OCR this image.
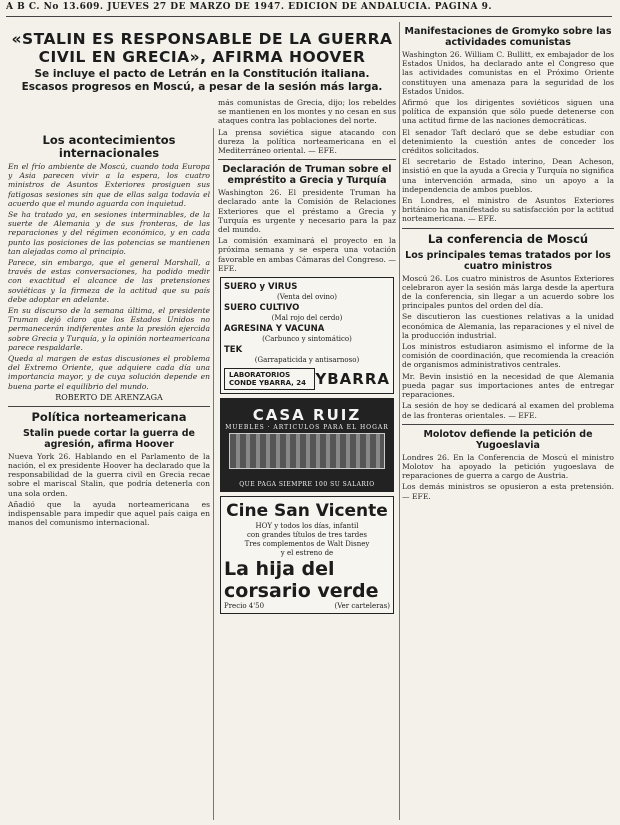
A B C. No 13.609. JUEVES 27 DE MARZO DE 1947. EDICION DE ANDALUCIA. PAGINA 9.
«STALIN ES RESPONSABLE DE LA GUERRA CIVIL EN GRECIA», AFIRMA HOOVER
Se incluye el pacto de Letrán en la Constitución italiana. Escasos progresos en Moscú, a pesar de la sesión más larga.
Los acontecimientos internacionales

En el frío ambiente de Moscú, cuando toda Europa y Asia parecen vivir a la espera, los cuatro ministros de Asuntos Exteriores prosiguen sus fatigosas sesiones sin que de ellas salga todavía el acuerdo que el mundo aguarda con inquietud.

Se ha tratado ya, en sesiones interminables, de la suerte de Alemania y de sus fronteras, de las reparaciones y del régimen económico, y en cada punto las posiciones de las potencias se mantienen tan alejadas como al principio.

Parece, sin embargo, que el general Marshall, a través de estas conversaciones, ha podido medir con exactitud el alcance de las pretensiones soviéticas y la firmeza de la actitud que su país debe adoptar en adelante.

En su discurso de la semana última, el presidente Truman dejó claro que los Estados Unidos no permanecerán indiferentes ante la presión ejercida sobre Grecia y Turquía, y la opinión norteamericana parece respaldarle.

Queda al margen de estas discusiones el problema del Extremo Oriente, que adquiere cada día una importancia mayor, y de cuya solución depende en buena parte el equilibrio del mundo.

ROBERTO DE ARENZAGA
Política norteamericana
Stalin puede cortar la guerra de agresión, afirma Hoover

Nueva York 26. Hablando en el Parlamento de la nación, el ex presidente Hoover ha declarado que la responsabilidad de la guerra civil en Grecia recae sobre el mariscal Stalin, que podría detenerla con una sola orden.

Añadió que la ayuda norteamericana es indispensable para impedir que aquel país caiga en manos del comunismo internacional.

más comunistas de Grecia, dijo; los rebeldes se mantienen en los montes y no cesan en sus ataques contra las poblaciones del norte.

La prensa soviética sigue atacando con dureza la política norteamericana en el Mediterráneo oriental. — EFE.

Declaración de Truman sobre el empréstito a Grecia y Turquía

Washington 26. El presidente Truman ha declarado ante la Comisión de Relaciones Exteriores que el préstamo a Grecia y Turquía es urgente y necesario para la paz del mundo.

La comisión examinará el proyecto en la próxima semana y se espera una votación favorable en ambas Cámaras del Congreso. — EFE.

SUERO y VIRUS
(Venta del ovino)
SUERO CULTIVO
(Mal rojo del cerdo)
AGRESINA Y VACUNA
(Carbunco y sintomático)
TEK
(Garrapaticida y antisarnoso)
LABORATORIOS CONDE YBARRA, 24 YBARRA
CASA RUIZ
MUEBLES · ARTICULOS PARA EL HOGAR
QUE PAGA SIEMPRE 100 SU SALARIO
Cine San Vicente
HOY y todos los días, infantil
con grandes títulos de tres tardes
Tres complementos de Walt Disney
y el estreno de
La hija del
corsario verde
Precio 4'50	(Ver carteleras)
Manifestaciones de Gromyko sobre las actividades comunistas

Washington 26. William C. Bullitt, ex embajador de los Estados Unidos, ha declarado ante el Congreso que las actividades comunistas en el Próximo Oriente constituyen una amenaza para la seguridad de los Estados Unidos.

Afirmó que los dirigentes soviéticos siguen una política de expansión que sólo puede detenerse con una actitud firme de las naciones democráticas.

El senador Taft declaró que se debe estudiar con detenimiento la cuestión antes de conceder los créditos solicitados.

El secretario de Estado interino, Dean Acheson, insistió en que la ayuda a Grecia y Turquía no significa una intervención armada, sino un apoyo a la independencia de ambos pueblos.

En Londres, el ministro de Asuntos Exteriores británico ha manifestado su satisfacción por la actitud norteamericana. — EFE.

La conferencia de Moscú
Los principales temas tratados por los cuatro ministros

Moscú 26. Los cuatro ministros de Asuntos Exteriores celebraron ayer la sesión más larga desde la apertura de la conferencia, sin llegar a un acuerdo sobre los principales puntos del orden del día.

Se discutieron las cuestiones relativas a la unidad económica de Alemania, las reparaciones y el nivel de la producción industrial.

Los ministros estudiaron asimismo el informe de la comisión de coordinación, que recomienda la creación de organismos administrativos centrales.

Mr. Bevin insistió en la necesidad de que Alemania pueda pagar sus importaciones antes de entregar reparaciones.

La sesión de hoy se dedicará al examen del problema de las fronteras orientales. — EFE.

Molotov defiende la petición de Yugoeslavia

Londres 26. En la Conferencia de Moscú el ministro Molotov ha apoyado la petición yugoeslava de reparaciones de guerra a cargo de Austria.

Los demás ministros se opusieron a esta pretensión. — EFE.
